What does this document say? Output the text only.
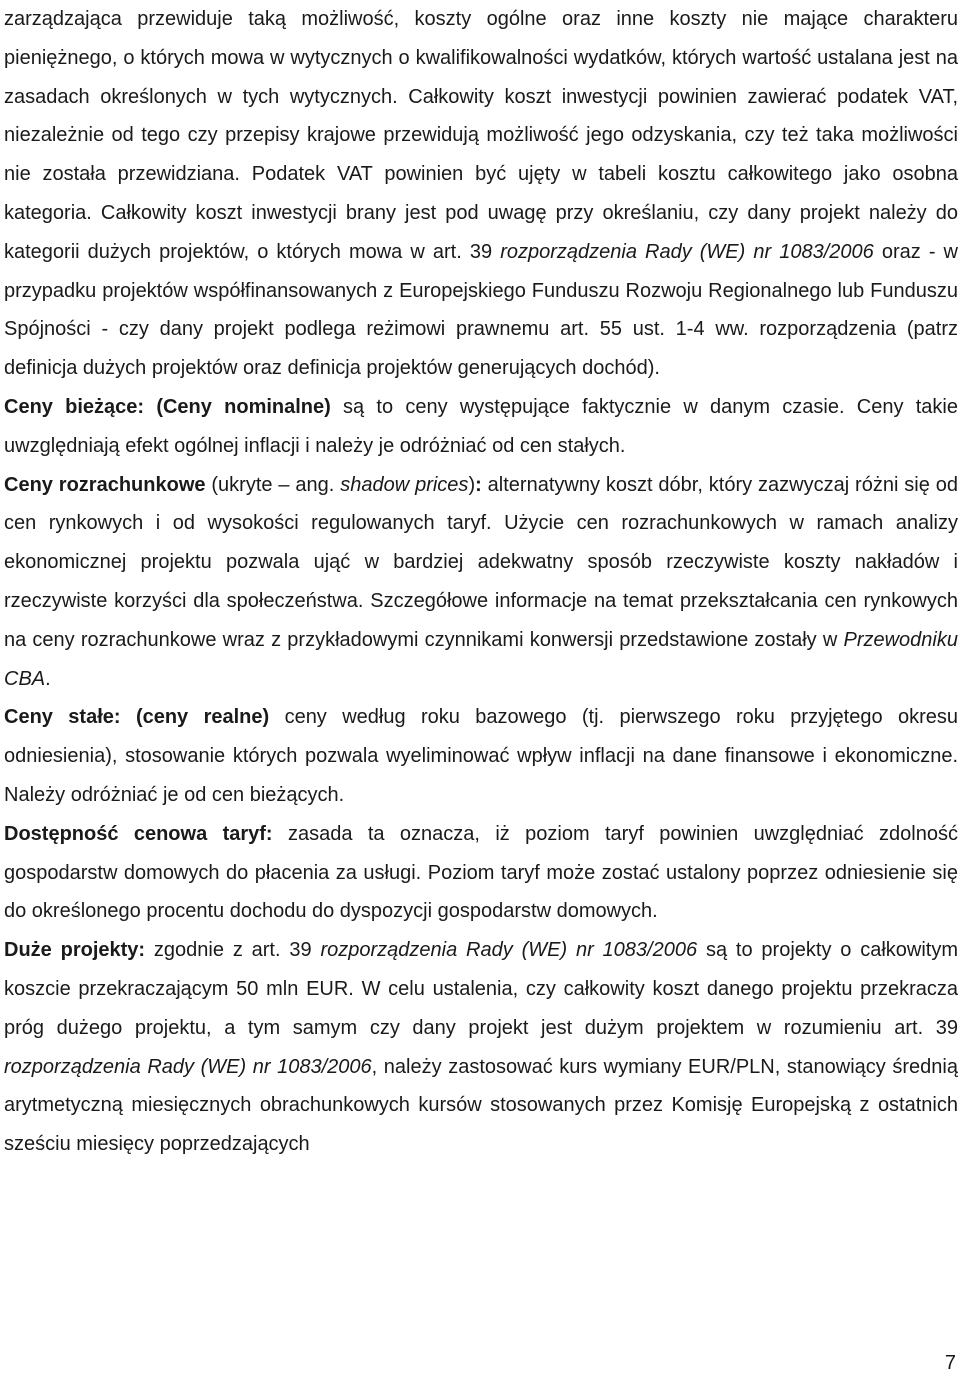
zarządzająca przewiduje taką możliwość, koszty ogólne oraz inne koszty nie mające charakteru pieniężnego, o których mowa w wytycznych o kwalifikowalności wydatków, których wartość ustalana jest na zasadach określonych w tych wytycznych. Całkowity koszt inwestycji powinien zawierać podatek VAT, niezależnie od tego czy przepisy krajowe przewidują możliwość jego odzyskania, czy też taka możliwości nie została przewidziana. Podatek VAT powinien być ujęty w tabeli kosztu całkowitego jako osobna kategoria. Całkowity koszt inwestycji brany jest pod uwagę przy określaniu, czy dany projekt należy do kategorii dużych projektów, o których mowa w art. 39 rozporządzenia Rady (WE) nr 1083/2006 oraz - w przypadku projektów współfinansowanych z Europejskiego Funduszu Rozwoju Regionalnego lub Funduszu Spójności - czy dany projekt podlega reżimowi prawnemu art. 55 ust. 1-4 ww. rozporządzenia (patrz definicja dużych projektów oraz definicja projektów generujących dochód).

Ceny bieżące: (Ceny nominalne) są to ceny występujące faktycznie w danym czasie. Ceny takie uwzględniają efekt ogólnej inflacji i należy je odróżniać od cen stałych.

Ceny rozrachunkowe (ukryte – ang. shadow prices): alternatywny koszt dóbr, który zazwyczaj różni się od cen rynkowych i od wysokości regulowanych taryf. Użycie cen rozrachunkowych w ramach analizy ekonomicznej projektu pozwala ująć w bardziej adekwatny sposób rzeczywiste koszty nakładów i rzeczywiste korzyści dla społeczeństwa. Szczegółowe informacje na temat przekształcania cen rynkowych na ceny rozrachunkowe wraz z przykładowymi czynnikami konwersji przedstawione zostały w Przewodniku CBA.

Ceny stałe: (ceny realne) ceny według roku bazowego (tj. pierwszego roku przyjętego okresu odniesienia), stosowanie których pozwala wyeliminować wpływ inflacji na dane finansowe i ekonomiczne. Należy odróżniać je od cen bieżących.

Dostępność cenowa taryf: zasada ta oznacza, iż poziom taryf powinien uwzględniać zdolność gospodarstw domowych do płacenia za usługi. Poziom taryf może zostać ustalony poprzez odniesienie się do określonego procentu dochodu do dyspozycji gospodarstw domowych.

Duże projekty: zgodnie z art. 39 rozporządzenia Rady (WE) nr 1083/2006 są to projekty o całkowitym koszcie przekraczającym 50 mln EUR. W celu ustalenia, czy całkowity koszt danego projektu przekracza próg dużego projektu, a tym samym czy dany projekt jest dużym projektem w rozumieniu art. 39 rozporządzenia Rady (WE) nr 1083/2006, należy zastosować kurs wymiany EUR/PLN, stanowiący średnią arytmetyczną miesięcznych obrachunkowych kursów stosowanych przez Komisję Europejską z ostatnich sześciu miesięcy poprzedzających

7
